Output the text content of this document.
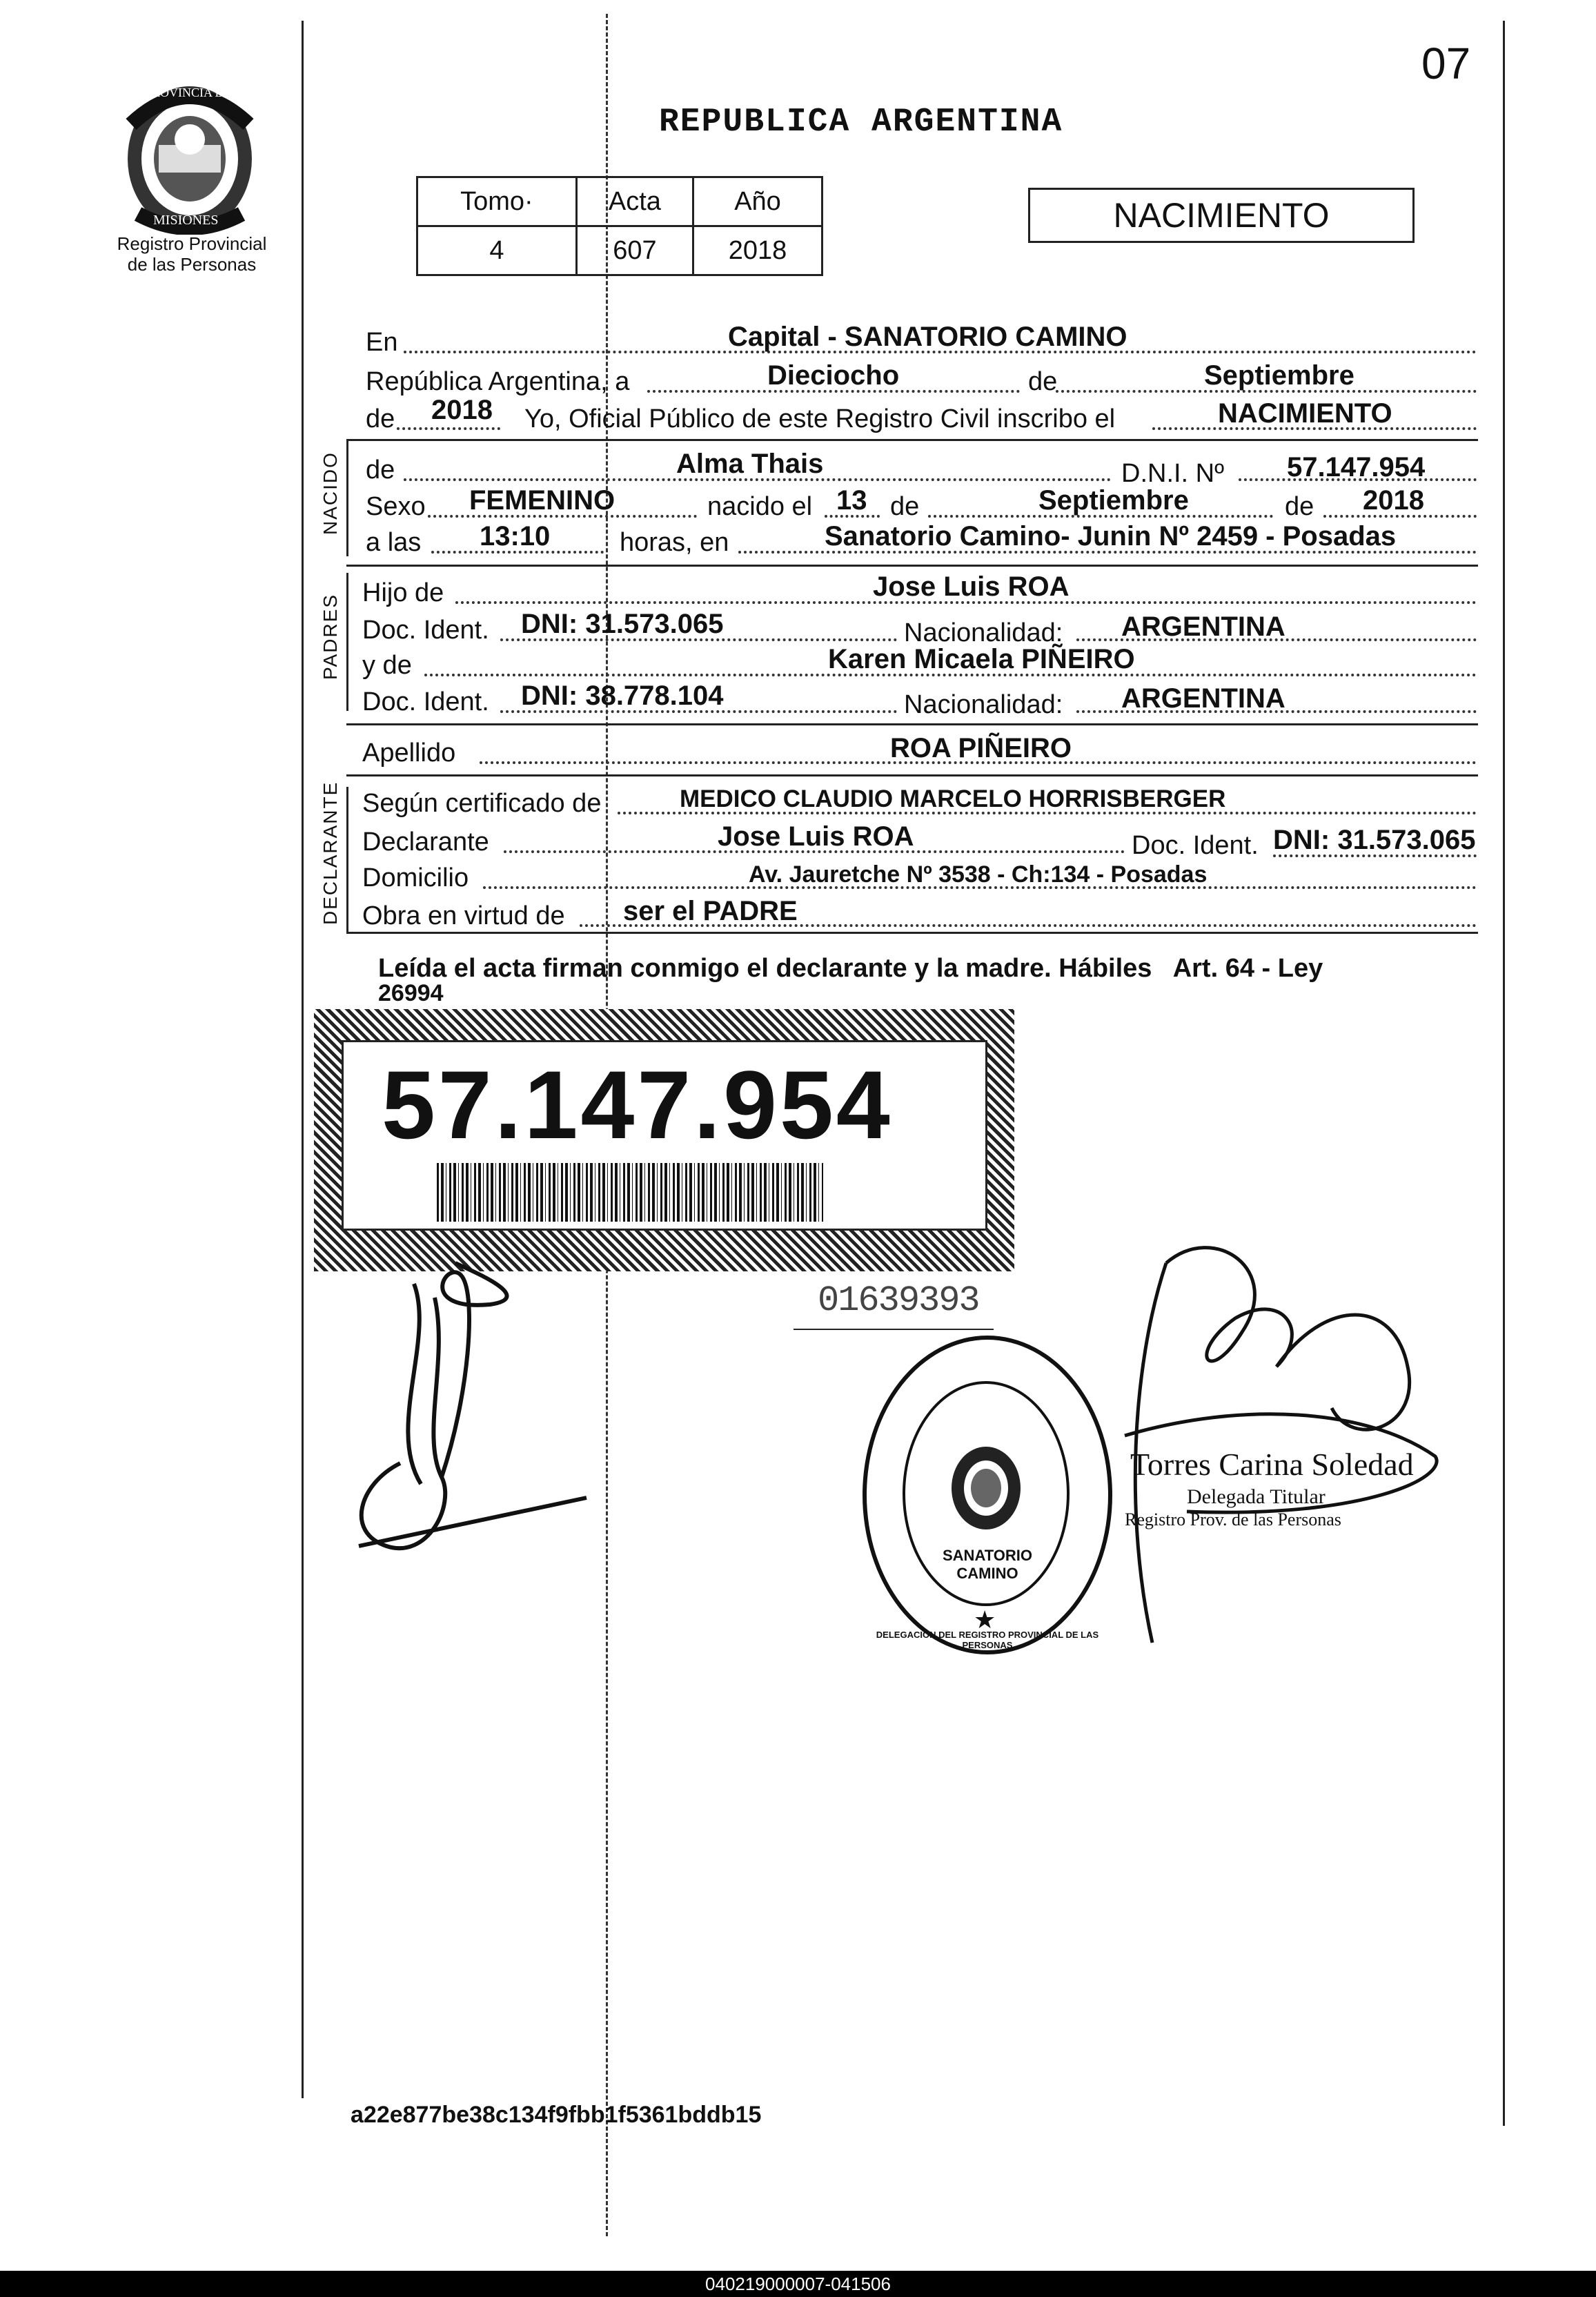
07
PROVINCIA DE
MISIONES
Registro Provincial
de las Personas
REPUBLICA ARGENTINA
Tomo·	Acta	Año
4	607	2018
NACIMIENTO
En	Capital - SANATORIO CAMINO
República Argentina, a	Dieciocho	de	Septiembre
de 2018 Yo, Oficial Público de este Registro Civil inscribo el	NACIMIENTO
NACIDO de	Alma Thais	D.N.I. Nº 57.147.954
Sexo FEMENINO	nacido el 13 de	Septiembre	de 2018
a las 13:10	horas, en	Sanatorio Camino- Junin Nº 2459 - Posadas
PADRES
Hijo de	Jose Luis ROA
Doc. Ident. DNI: 31.573.065	Nacionalidad: ARGENTINA
y de	Karen Micaela PIÑEIRO
Doc. Ident. DNI: 38.778.104	Nacionalidad: ARGENTINA
Apellido	ROA PIÑEIRO
DECLARANTE Según certificado de	MEDICO CLAUDIO MARCELO HORRISBERGER
Declarante	Jose Luis ROA	Doc. Ident. DNI: 31.573.065
Domicilio	Av. Jauretche Nº 3538 - Ch:134 - Posadas
Obra en virtud de ser el PADRE
Leída el acta firman conmigo el declarante y la madre. Hábiles   Art. 64 - Ley
26994
57.147.954
01639393
DELEGACION DEL REGISTRO PROVINCIAL DE LAS PERSONAS
SANATORIO CAMINO
★
Torres Carina Soledad
Delegada Titular
Registro Prov. de las Personas
a22e877be38c134f9fbb1f5361bddb15
040219000007-041506
